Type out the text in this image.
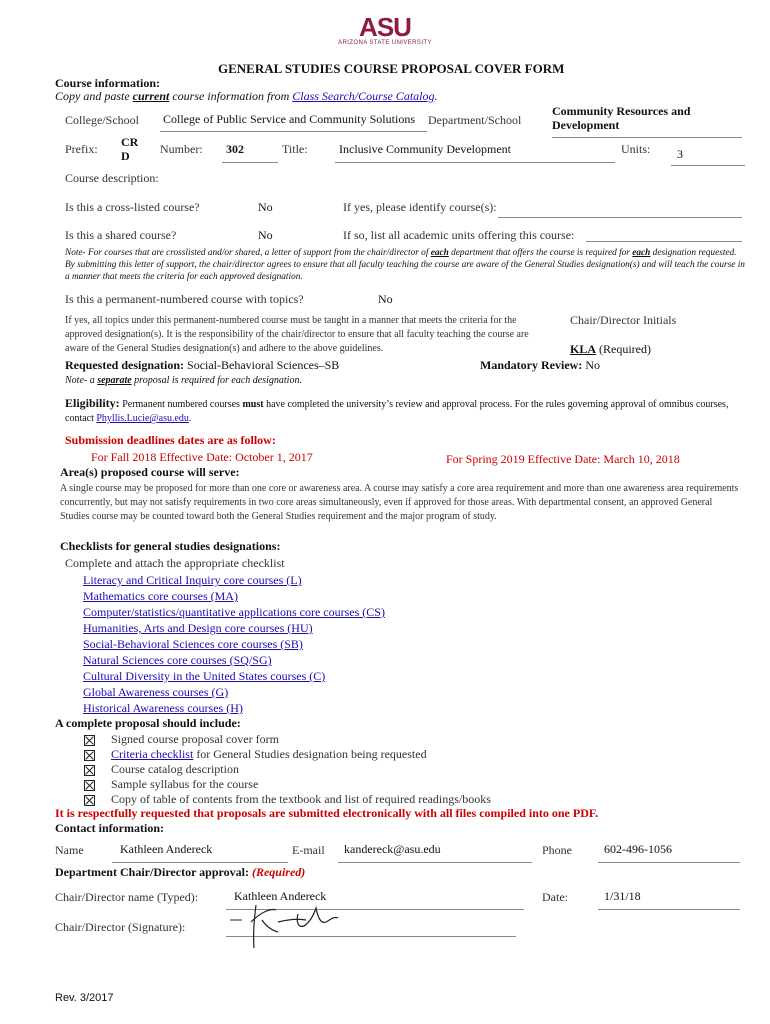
ASU
ARIZONA STATE UNIVERSITY
GENERAL STUDIES COURSE PROPOSAL COVER FORM
Course information:
Copy and paste current course information from Class Search/Course Catalog.
College/School College of Public Service and Community Solutions	Department/School
Community Resources and Development
Prefix: CR D	Number:	302	Title:	Inclusive Community Development	Units:	3
Course description:
Is this a cross-listed course?	No	If yes, please identify course(s):
Is this a shared course?	No	If so, list all academic units offering this course:
Note- For courses that are crosslisted and/or shared, a letter of support from the chair/director of each department that offers the course is required for each designation requested. By submitting this letter of support, the chair/director agrees to ensure that all faculty teaching the course are aware of the General Studies designation(s) and will teach the course in a manner that meets the criteria for each approved designation.
Is this a permanent-numbered course with topics?	No
If yes, all topics under this permanent-numbered course must be taught in a manner that meets the criteria for the approved designation(s). It is the responsibility of the chair/director to ensure that all faculty teaching the course are aware of the General Studies designation(s) and adhere to the above guidelines.
Chair/Director Initials
KLA (Required)
Requested designation: Social-Behavioral Sciences–SB	Mandatory Review: No
Note- a separate proposal is required for each designation.
Eligibility: Permanent numbered courses must have completed the university’s review and approval process. For the rules governing approval of omnibus courses, contact Phyllis.Lucie@asu.edu.
Submission deadlines dates are as follow:
For Fall 2018 Effective Date: October 1, 2017	For Spring 2019 Effective Date: March 10, 2018
Area(s) proposed course will serve:
A single course may be proposed for more than one core or awareness area. A course may satisfy a core area requirement and more than one awareness area requirements concurrently, but may not satisfy requirements in two core areas simultaneously, even if approved for those areas. With departmental consent, an approved General Studies course may be counted toward both the General Studies requirement and the major program of study.
Checklists for general studies designations:
Complete and attach the appropriate checklist
Literacy and Critical Inquiry core courses (L)
Mathematics core courses (MA)
Computer/statistics/quantitative applications core courses (CS)
Humanities, Arts and Design core courses (HU)
Social-Behavioral Sciences core courses (SB)
Natural Sciences core courses (SQ/SG)
Cultural Diversity in the United States courses (C)
Global Awareness courses (G)
Historical Awareness courses (H)
A complete proposal should include:
Signed course proposal cover form
Criteria checklist for General Studies designation being requested
Course catalog description
Sample syllabus for the course
Copy of table of contents from the textbook and list of required readings/books
It is respectfully requested that proposals are submitted electronically with all files compiled into one PDF.
Contact information:
Name	Kathleen Andereck	E-mail	kandereck@asu.edu	Phone	602-496-1056
Department Chair/Director approval: (Required)
Chair/Director name (Typed):	Kathleen Andereck	Date:	1/31/18
Chair/Director (Signature):
Rev. 3/2017
